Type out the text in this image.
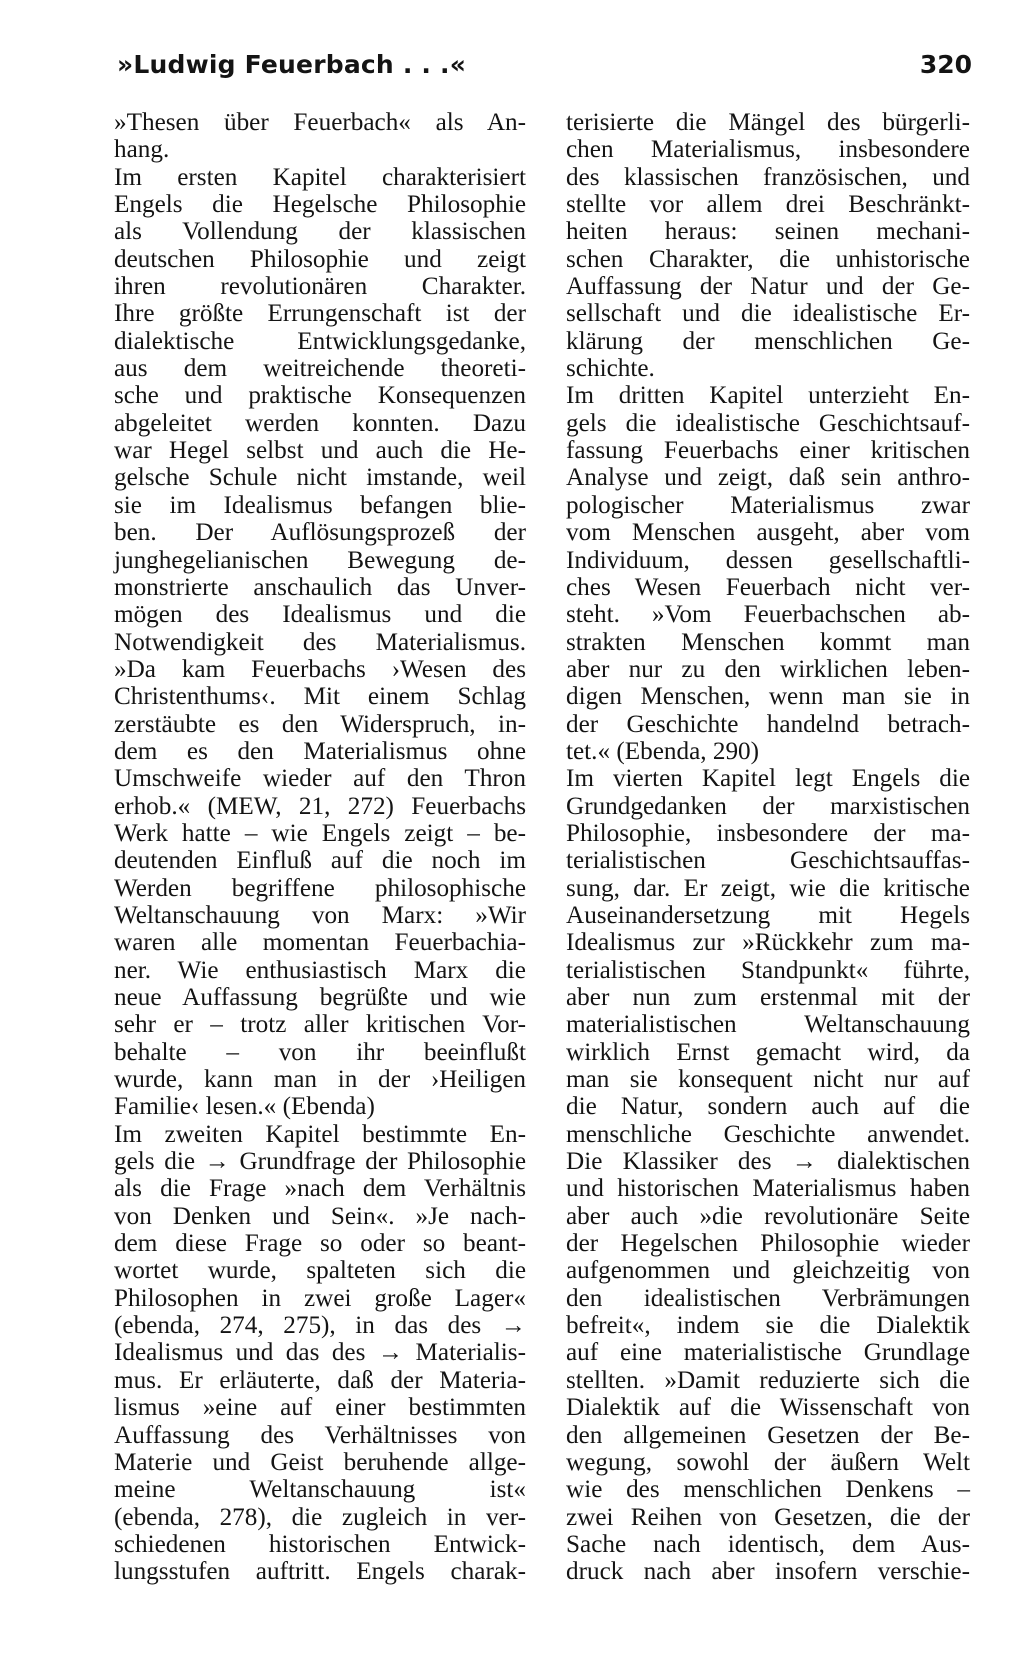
»Ludwig Feuerbach . . .«	320
»Thesen über Feuerbach« als An-
hang.
Im ersten Kapitel charakterisiert
Engels die Hegelsche Philosophie
als Vollendung der klassischen
deutschen Philosophie und zeigt
ihren revolutionären Charakter.
Ihre größte Errungenschaft ist der
dialektische Entwicklungsgedanke,
aus dem weitreichende theoreti-
sche und praktische Konsequenzen
abgeleitet werden konnten. Dazu
war Hegel selbst und auch die He-
gelsche Schule nicht imstande, weil
sie im Idealismus befangen blie-
ben. Der Auflösungsprozeß der
junghegelianischen Bewegung de-
monstrierte anschaulich das Unver-
mögen des Idealismus und die
Notwendigkeit des Materialismus.
»Da kam Feuerbachs ›Wesen des
Christenthums‹. Mit einem Schlag
zerstäubte es den Widerspruch, in-
dem es den Materialismus ohne
Umschweife wieder auf den Thron
erhob.« (MEW, 21, 272) Feuerbachs
Werk hatte – wie Engels zeigt – be-
deutenden Einfluß auf die noch im
Werden begriffene philosophische
Weltanschauung von Marx: »Wir
waren alle momentan Feuerbachia-
ner. Wie enthusiastisch Marx die
neue Auffassung begrüßte und wie
sehr er – trotz aller kritischen Vor-
behalte – von ihr beeinflußt
wurde, kann man in der ›Heiligen
Familie‹ lesen.« (Ebenda)
Im zweiten Kapitel bestimmte En-
gels die → Grundfrage der Philosophie
als die Frage »nach dem Verhältnis
von Denken und Sein«. »Je nach-
dem diese Frage so oder so beant-
wortet wurde, spalteten sich die
Philosophen in zwei große Lager«
(ebenda, 274, 275), in das des →
Idealismus und das des → Materialis-
mus. Er erläuterte, daß der Materia-
lismus »eine auf einer bestimmten
Auffassung des Verhältnisses von
Materie und Geist beruhende allge-
meine Weltanschauung ist«
(ebenda, 278), die zugleich in ver-
schiedenen historischen Entwick-
lungsstufen auftritt. Engels charak-
terisierte die Mängel des bürgerli-
chen Materialismus, insbesondere
des klassischen französischen, und
stellte vor allem drei Beschränkt-
heiten heraus: seinen mechani-
schen Charakter, die unhistorische
Auffassung der Natur und der Ge-
sellschaft und die idealistische Er-
klärung der menschlichen Ge-
schichte.
Im dritten Kapitel unterzieht En-
gels die idealistische Geschichtsauf-
fassung Feuerbachs einer kritischen
Analyse und zeigt, daß sein anthro-
pologischer Materialismus zwar
vom Menschen ausgeht, aber vom
Individuum, dessen gesellschaftli-
ches Wesen Feuerbach nicht ver-
steht. »Vom Feuerbachschen ab-
strakten Menschen kommt man
aber nur zu den wirklichen leben-
digen Menschen, wenn man sie in
der Geschichte handelnd betrach-
tet.« (Ebenda, 290)
Im vierten Kapitel legt Engels die
Grundgedanken der marxistischen
Philosophie, insbesondere der ma-
terialistischen Geschichtsauffas-
sung, dar. Er zeigt, wie die kritische
Auseinandersetzung mit Hegels
Idealismus zur »Rückkehr zum ma-
terialistischen Standpunkt« führte,
aber nun zum erstenmal mit der
materialistischen Weltanschauung
wirklich Ernst gemacht wird, da
man sie konsequent nicht nur auf
die Natur, sondern auch auf die
menschliche Geschichte anwendet.
Die Klassiker des → dialektischen
und historischen Materialismus haben
aber auch »die revolutionäre Seite
der Hegelschen Philosophie wieder
aufgenommen und gleichzeitig von
den idealistischen Verbrämungen
befreit«, indem sie die Dialektik
auf eine materialistische Grundlage
stellten. »Damit reduzierte sich die
Dialektik auf die Wissenschaft von
den allgemeinen Gesetzen der Be-
wegung, sowohl der äußern Welt
wie des menschlichen Denkens –
zwei Reihen von Gesetzen, die der
Sache nach identisch, dem Aus-
druck nach aber insofern verschie-
